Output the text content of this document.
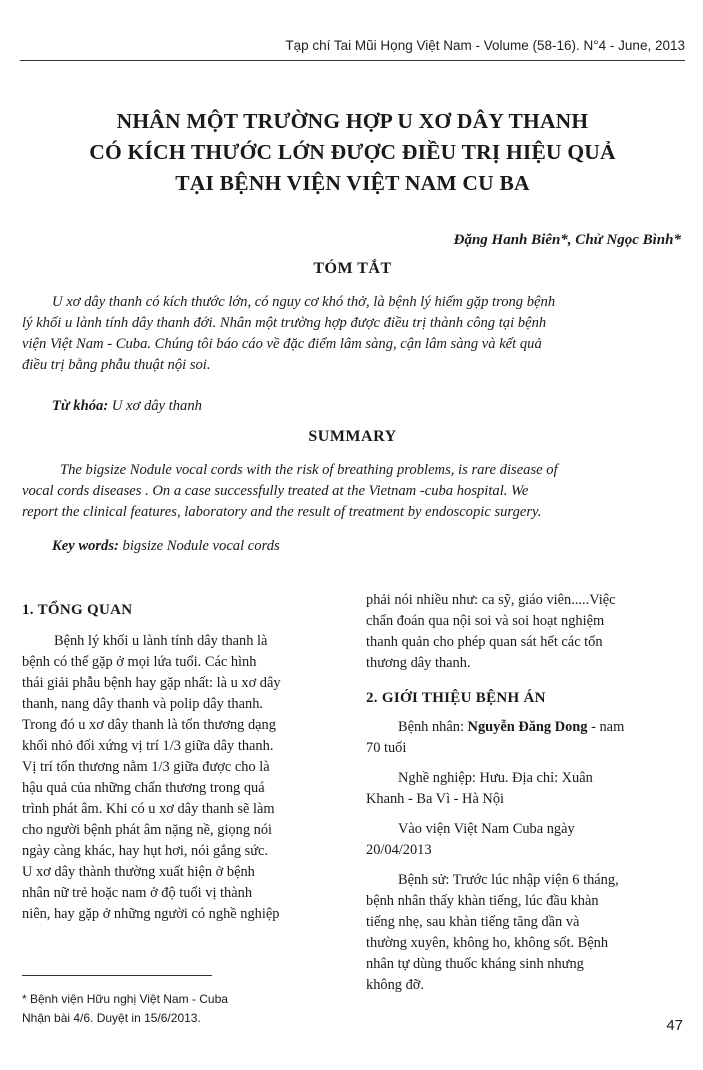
Tạp chí Tai Mũi Họng Việt Nam - Volume (58-16). N°4 - June, 2013
NHÂN MỘT TRƯỜNG HỢP U XƠ DÂY THANH
CÓ KÍCH THƯỚC LỚN ĐƯỢC ĐIỀU TRỊ HIỆU QUẢ
TẠI BỆNH VIỆN VIỆT NAM CU BA
Đặng Hanh Biên*, Chử Ngọc Bình*
TÓM TẮT
U xơ dây thanh có kích thước lớn, có nguy cơ khó thở, là bệnh lý hiếm gặp trong bệnh
lý khối u lành tính dây thanh đới. Nhân một trường hợp được điều trị thành công tại bệnh
viện Việt Nam - Cuba. Chúng tôi báo cáo về đặc điểm lâm sàng, cận lâm sàng và kết quả
điều trị bằng phẫu thuật nội soi.
Từ khóa: U xơ dây thanh
SUMMARY
The bigsize Nodule vocal cords with the risk of breathing problems, is rare disease of
vocal cords diseases . On a case successfully treated at the Vietnam -cuba hospital. We
report the clinical features, laboratory and the result of treatment by endoscopic surgery.
Key words: bigsize Nodule vocal cords
1. TỔNG QUAN
Bệnh lý khối u lành tính dây thanh là
bệnh có thể gặp ở mọi lứa tuổi. Các hình
thái giải phẫu bệnh hay gặp nhất: là u xơ dây
thanh, nang dây thanh và polip dây thanh.
Trong đó u xơ dây thanh là tổn thương dạng
khối nhỏ đối xứng vị trí 1/3 giữa dây thanh.
Vị trí tổn thương nằm 1/3 giữa được cho là
hậu quả của những chấn thương trong quá
trình phát âm. Khi có u xơ dây thanh sẽ làm
cho người bệnh phát âm nặng nề, giọng nói
ngày càng khác, hay hụt hơi, nói gắng sức.
U xơ dây thành thường xuất hiện ở bệnh
nhân nữ trẻ hoặc nam ở độ tuổi vị thành
niên, hay gặp ở những người có nghề nghiệp
phải nói nhiều như: ca sỹ, giáo viên.....Việc
chẩn đoán qua nội soi và soi hoạt nghiệm
thanh quản cho phép quan sát hết các tổn
thương dây thanh.
2. GIỚI THIỆU BỆNH ÁN
Bệnh nhân: Nguyễn Đăng Dong - nam
70 tuổi
Nghề nghiệp: Hưu. Địa chỉ: Xuân
Khanh - Ba Vì - Hà Nội
Vào viện Việt Nam Cuba ngày
20/04/2013
Bệnh sử: Trước lúc nhập viện 6 tháng,
bệnh nhân thấy khàn tiếng, lúc đầu khàn
tiếng nhẹ, sau khàn tiếng tăng dần và
thường xuyên, không ho, không sốt. Bệnh
nhân tự dùng thuốc kháng sinh nhưng
không đỡ.
* Bệnh viện Hữu nghị Việt Nam - Cuba
Nhận bài 4/6. Duyệt in 15/6/2013.	47
